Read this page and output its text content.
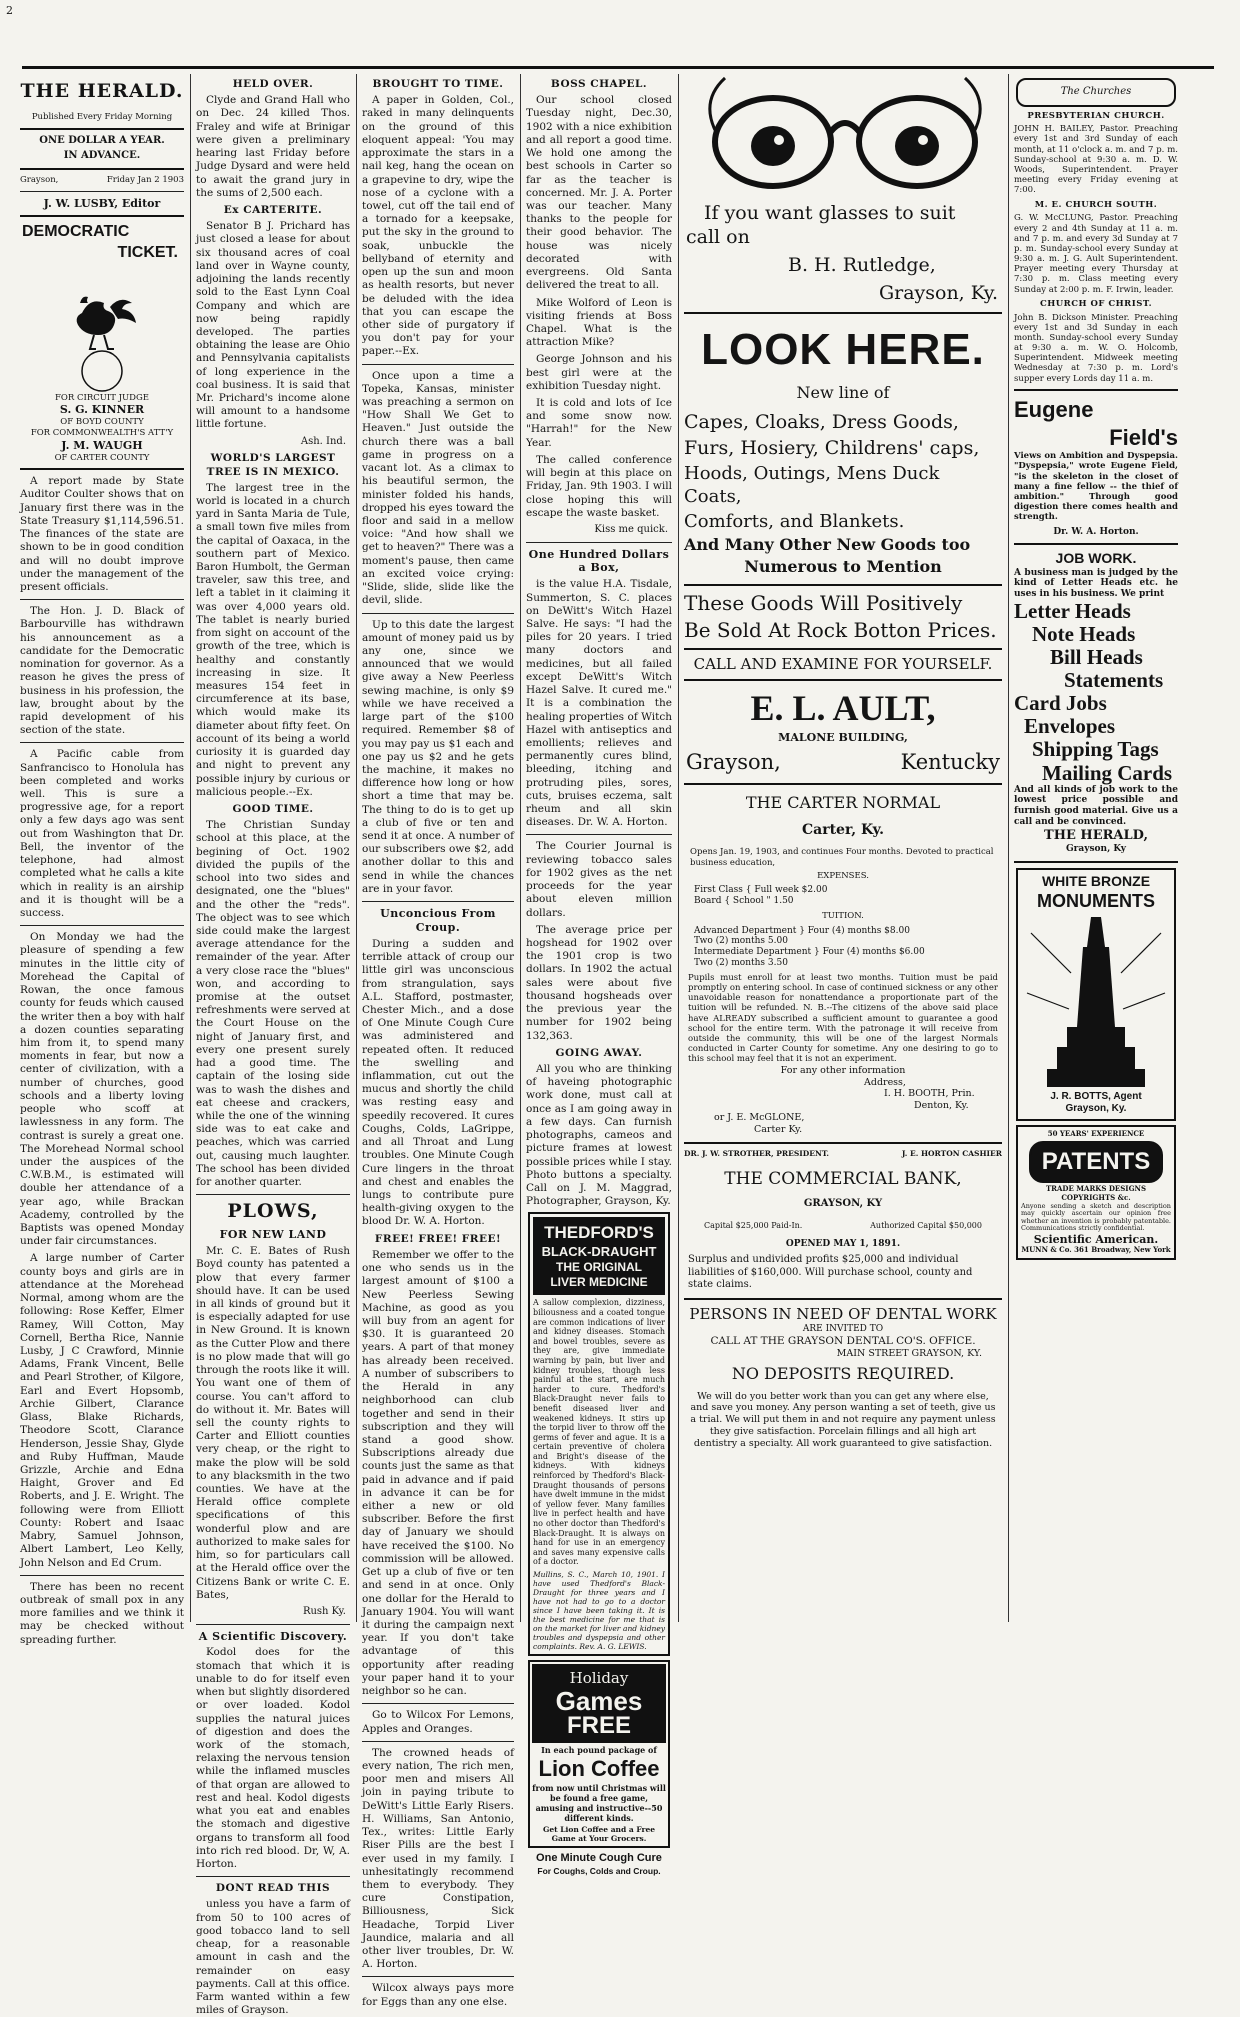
2
THE HERALD.
Published Every Friday Morning
ONE DOLLAR A YEAR.
IN ADVANCE.
Grayson,	Friday Jan 2 1903
J. W. LUSBY, Editor
DEMOCRATIC
TICKET.
FOR CIRCUIT JUDGE
S. G. KINNER
OF BOYD COUNTY
FOR COMMONWEALTH'S ATT'Y
J. M. WAUGH
OF CARTER COUNTY

A report made by State Auditor Coulter shows that on January first there was in the State Treasury $1,114,596.51. The finances of the state are shown to be in good condition and will no doubt improve under the management of the present officials.

The Hon. J. D. Black of Barbourville has withdrawn his announcement as a candidate for the Democratic nomination for governor. As a reason he gives the press of business in his profession, the law, brought about by the rapid development of his section of the state.

A Pacific cable from Sanfrancisco to Honolula has been completed and works well. This is sure a progressive age, for a report only a few days ago was sent out from Washington that Dr. Bell, the inventor of the telephone, had almost completed what he calls a kite which in reality is an airship and it is thought will be a success.

On Monday we had the pleasure of spending a few minutes in the little city of Morehead the Capital of Rowan, the once famous county for feuds which caused the writer then a boy with half a dozen counties separating him from it, to spend many moments in fear, but now a center of civilization, with a number of churches, good schools and a liberty loving people who scoff at lawlessness in any form. The contrast is surely a great one. The Morehead Normal school under the auspices of the C.W.B.M., is estimated will double her attendance of a year ago, while Brackan Academy, controlled by the Baptists was opened Monday under fair circumstances.

A large number of Carter county boys and girls are in attendance at the Morehead Normal, among whom are the following: Rose Keffer, Elmer Ramey, Will Cotton, May Cornell, Bertha Rice, Nannie Lusby, J C Crawford, Minnie Adams, Frank Vincent, Belle and Pearl Strother, of Kilgore, Earl and Evert Hopsomb, Archie Gilbert, Clarance Glass, Blake Richards, Theodore Scott, Clarance Henderson, Jessie Shay, Glyde and Ruby Huffman, Maude Grizzle, Archie and Edna Haight, Grover and Ed Roberts, and J. E. Wright. The following were from Elliott County: Robert and Isaac Mabry, Samuel Johnson, Albert Lambert, Leo Kelly, John Nelson and Ed Crum.

There has been no recent outbreak of small pox in any more families and we think it may be checked without spreading further.

HELD OVER.

Clyde and Grand Hall who on Dec. 24 killed Thos. Fraley and wife at Brinigar were given a preliminary hearing last Friday before Judge Dysard and were held to await the grand jury in the sums of 2,500 each.

Ex CARTERITE.

Senator B J. Prichard has just closed a lease for about six thousand acres of coal land over in Wayne county, adjoining the lands recently sold to the East Lynn Coal Company and which are now being rapidly developed. The parties obtaining the lease are Ohio and Pennsylvania capitalists of long experience in the coal business. It is said that Mr. Prichard's income alone will amount to a handsome little fortune.

Ash. Ind.
WORLD'S LARGEST TREE IS IN MEXICO.

The largest tree in the world is located in a church yard in Santa Maria de Tule, a small town five miles from the capital of Oaxaca, in the southern part of Mexico. Baron Humbolt, the German traveler, saw this tree, and left a tablet in it claiming it was over 4,000 years old. The tablet is nearly buried from sight on account of the growth of the tree, which is healthy and constantly increasing in size. It measures 154 feet in circumference at its base, which would make its diameter about fifty feet. On account of its being a world curiosity it is guarded day and night to prevent any possible injury by curious or malicious people.--Ex.

GOOD TIME.

The Christian Sunday school at this place, at the begining of Oct. 1902 divided the pupils of the school into two sides and designated, one the "blues" and the other the "reds". The object was to see which side could make the largest average attendance for the remainder of the year. After a very close race the "blues" won, and according to promise at the outset refreshments were served at the Court House on the night of January first, and every one present surely had a good time. The captain of the losing side was to wash the dishes and eat cheese and crackers, while the one of the winning side was to eat cake and peaches, which was carried out, causing much laughter. The school has been divided for another quarter.

PLOWS,
FOR NEW LAND

Mr. C. E. Bates of Rush Boyd county has patented a plow that every farmer should have. It can be used in all kinds of ground but it is especially adapted for use in New Ground. It is known as the Cutter Plow and there is no plow made that will go through the roots like it will. You want one of them of course. You can't afford to do without it. Mr. Bates will sell the county rights to Carter and Elliott counties very cheap, or the right to make the plow will be sold to any blacksmith in the two counties. We have at the Herald office complete specifications of this wonderful plow and are authorized to make sales for him, so for particulars call at the Herald office over the Citizens Bank or write C. E. Bates,

Rush Ky.
A Scientific Discovery.

Kodol does for the stomach that which it is unable to do for itself even when but slightly disordered or over loaded. Kodol supplies the natural juices of digestion and does the work of the stomach, relaxing the nervous tension while the inflamed muscles of that organ are allowed to rest and heal. Kodol digests what you eat and enables the stomach and digestive organs to transform all food into rich red blood. Dr, W, A. Horton.

DONT READ THIS

unless you have a farm of from 50 to 100 acres of good tobacco land to sell cheap, for a reasonable amount in cash and the remainder on easy payments. Call at this office. Farm wanted within a few miles of Grayson.

BROUGHT TO TIME.

A paper in Golden, Col., raked in many delinquents on the ground of this eloquent appeal: 'You may approximate the stars in a nail keg, hang the ocean on a grapevine to dry, wipe the nose of a cyclone with a towel, cut off the tail end of a tornado for a keepsake, put the sky in the ground to soak, unbuckle the bellyband of eternity and open up the sun and moon as health resorts, but never be deluded with the idea that you can escape the other side of purgatory if you don't pay for your paper.--Ex.

Once upon a time a Topeka, Kansas, minister was preaching a sermon on "How Shall We Get to Heaven." Just outside the church there was a ball game in progress on a vacant lot. As a climax to his beautiful sermon, the minister folded his hands, dropped his eyes toward the floor and said in a mellow voice: "And how shall we get to heaven?" There was a moment's pause, then came an excited voice crying: "Slide, slide, slide like the devil, slide.

Up to this date the largest amount of money paid us by any one, since we announced that we would give away a New Peerless sewing machine, is only $9 while we have received a large part of the $100 required. Remember $8 of you may pay us $1 each and one pay us $2 and he gets the machine, it makes no difference how long or how short a time that may be. The thing to do is to get up a club of five or ten and send it at once. A number of our subscribers owe $2, add another dollar to this and send in while the chances are in your favor.

Unconcious From Croup.

During a sudden and terrible attack of croup our little girl was unconscious from strangulation, says A.L. Stafford, postmaster, Chester Mich., and a dose of One Minute Cough Cure was administered and repeated often. It reduced the swelling and inflammation, cut out the mucus and shortly the child was resting easy and speedily recovered. It cures Coughs, Colds, LaGrippe, and all Throat and Lung troubles. One Minute Cough Cure lingers in the throat and chest and enables the lungs to contribute pure health-giving oxygen to the blood Dr. W. A. Horton.

FREE! FREE! FREE!

Remember we offer to the one who sends us in the largest amount of $100 a New Peerless Sewing Machine, as good as you will buy from an agent for $30. It is guaranteed 20 years. A part of that money has already been received. A number of subscribers to the Herald in any neighborhood can club together and send in their subscription and they will stand a good show. Subscriptions already due counts just the same as that paid in advance and if paid in advance it can be for either a new or old subscriber. Before the first day of January we should have received the $100. No commission will be allowed. Get up a club of five or ten and send in at once. Only one dollar for the Herald to January 1904. You will want it during the campaign next year. If you don't take advantage of this opportunity after reading your paper hand it to your neighbor so he can.

Go to Wilcox For Lemons, Apples and Oranges.

The crowned heads of every nation, The rich men, poor men and misers All join in paying tribute to DeWitt's Little Early Risers. H. Williams, San Antonio, Tex., writes: Little Early Riser Pills are the best I ever used in my family. I unhesitatingly recommend them to everybody. They cure Constipation, Billiousness, Sick Headache, Torpid Liver Jaundice, malaria and all other liver troubles, Dr. W. A. Horton.

Wilcox always pays more for Eggs than any one else.

BOSS CHAPEL.

Our school closed Tuesday night, Dec.30, 1902 with a nice exhibition and all report a good time. We hold one among the best schools in Carter so far as the teacher is concerned. Mr. J. A. Porter was our teacher. Many thanks to the people for their good behavior. The house was nicely decorated with evergreens. Old Santa delivered the treat to all.

Mike Wolford of Leon is visiting friends at Boss Chapel. What is the attraction Mike?

George Johnson and his best girl were at the exhibition Tuesday night.

It is cold and lots of Ice and some snow now. "Harrah!" for the New Year.

The called conference will begin at this place on Friday, Jan. 9th 1903. I will close hoping this will escape the waste basket.

Kiss me quick.
One Hundred Dollars a Box,

is the value H.A. Tisdale, Summerton, S. C. places on DeWitt's Witch Hazel Salve. He says: "I had the piles for 20 years. I tried many doctors and medicines, but all failed except DeWitt's Witch Hazel Salve. It cured me." It is a combination the healing properties of Witch Hazel with antiseptics and emollients; relieves and permanently cures blind, bleeding, itching and protruding piles, sores, cuts, bruises eczema, salt rheum and all skin diseases. Dr. W. A. Horton.

The Courier Journal is reviewing tobacco sales for 1902 gives as the net proceeds for the year about eleven million dollars.

The average price per hogshead for 1902 over the 1901 crop is two dollars. In 1902 the actual sales were about five thousand hogsheads over the previous year the number for 1902 being 132,363.

GOING AWAY.

All you who are thinking of haveing photographic work done, must call at once as I am going away in a few days. Can furnish photographs, cameos and picture frames at lowest possible prices while I stay. Photo buttons a specialty. Call on J. M. Maggrad, Photographer, Grayson, Ky.

THEDFORD'S
BLACK-DRAUGHT
THE ORIGINAL LIVER MEDICINE
A sallow complexion, dizziness, biliousness and a coated tongue are common indications of liver and kidney diseases. Stomach and bowel troubles, severe as they are, give immediate warning by pain, but liver and kidney troubles, though less painful at the start, are much harder to cure. Thedford's Black-Draught never fails to benefit diseased liver and weakened kidneys. It stirs up the torpid liver to throw off the germs of fever and ague. It is a certain preventive of cholera and Bright's disease of the kidneys. With kidneys reinforced by Thedford's Black-Draught thousands of persons have dwelt immune in the midst of yellow fever. Many families live in perfect health and have no other doctor than Thedford's Black-Draught. It is always on hand for use in an emergency and saves many expensive calls of a doctor.
Mullins, S. C., March 10, 1901. I have used Thedford's Black-Draught for three years and I have not had to go to a doctor since I have been taking it. It is the best medicine for me that is on the market for liver and kidney troubles and dyspepsia and other complaints. Rev. A. G. LEWIS.
Holiday
Games
FREE
In each pound package of
Lion Coffee
from now until Christmas will be found a free game, amusing and instructive--50 different kinds.
Get Lion Coffee and a Free Game at Your Grocers.
One Minute Cough Cure
For Coughs, Colds and Croup.
If you want glasses to suit
call on
B. H. Rutledge,
Grayson, Ky.
LOOK HERE.
New line of
Capes, Cloaks, Dress Goods,
Furs, Hosiery, Childrens' caps,
Hoods, Outings, Mens Duck Coats,
Comforts, and Blankets.
And Many Other New Goods too
Numerous to Mention
These Goods Will Positively
Be Sold At Rock Botton Prices.
CALL AND EXAMINE FOR YOURSELF.
E. L. AULT,
MALONE BUILDING,
Grayson,	Kentucky
THE CARTER NORMAL
Carter, Ky.
Opens Jan. 19, 1903, and continues Four months. Devoted to practical business education,
EXPENSES.
First Class { Full week $2.00
Board { School " 1.50
TUITION.
Advanced Department } Four (4) months $8.00
Two (2) months 5.00
Intermediate Department } Four (4) months $6.00
Two (2) months 3.50
Pupils must enroll for at least two months. Tuition must be paid promptly on entering school. In case of continued sickness or any other unavoidable reason for nonattendance a proportionate part of the tuition will be refunded. N. B.--The citizens of the above said place have ALREADY subscribed a sufficient amount to guarantee a good school for the entire term. With the patronage it will receive from outside the community, this will be one of the largest Normals conducted in Carter County for sometime. Any one desiring to go to this school may feel that it is not an experiment.
For any other information
Address,
I. H. BOOTH, Prin.
Denton, Ky.
or J. E. McGLONE,
Carter Ky.
DR. J. W. STROTHER, PRESIDENT.	J. E. HORTON CASHIER
THE COMMERCIAL BANK,
GRAYSON, KY
Capital $25,000 Paid-In.	Authorized Capital $50,000
OPENED MAY 1, 1891.
Surplus and undivided profits $25,000 and individual liabilities of $160,000. Will purchase school, county and state claims.
PERSONS IN NEED OF DENTAL WORK
ARE INVITED TO
CALL AT THE GRAYSON DENTAL CO'S. OFFICE.
MAIN STREET GRAYSON, KY.
NO DEPOSITS REQUIRED.
We will do you better work than you can get any where else, and save you money. Any person wanting a set of teeth, give us a trial. We will put them in and not require any payment unless they give satisfaction. Porcelain fillings and all high art dentistry a specialty. All work guaranteed to give satisfaction.
The Churches
PRESBYTERIAN CHURCH.
JOHN H. BAILEY, Pastor. Preaching every 1st and 3rd Sunday of each month, at 11 o'clock a. m. and 7 p. m. Sunday-school at 9:30 a. m. D. W. Woods, Superintendent. Prayer meeting every Friday evening at 7:00.
M. E. CHURCH SOUTH.
G. W. McCLUNG, Pastor. Preaching every 2 and 4th Sunday at 11 a. m. and 7 p. m. and every 3d Sunday at 7 p. m. Sunday-school every Sunday at 9:30 a. m. J. G. Ault Superintendent. Prayer meeting every Thursday at 7:30 p. m. Class meeting every Sunday at 2:00 p. m. F. Irwin, leader.
CHURCH OF CHRIST.
John B. Dickson Minister. Preaching every 1st and 3d Sunday in each month. Sunday-school every Sunday at 9:30 a. m. W. O. Holcomb, Superintendent. Midweek meeting Wednesday at 7:30 p. m. Lord's supper every Lords day 11 a. m.
Eugene
Field's
Views on Ambition and Dyspepsia. "Dyspepsia," wrote Eugene Field, "is the skeleton in the closet of many a fine fellow -- the thief of ambition." Through good digestion there comes health and strength.
Dr. W. A. Horton.
JOB WORK.
A business man is judged by the kind of Letter Heads etc. he uses in his business. We print
Letter Heads
Note Heads
Bill Heads
Statements
Card Jobs
Envelopes
Shipping Tags
Mailing Cards
And all kinds of job work to the lowest price possible and furnish good material. Give us a call and be convinced.
THE HERALD,
Grayson, Ky
WHITE BRONZE
MONUMENTS
J. R. BOTTS, Agent
Grayson, Ky.
50 YEARS' EXPERIENCE
PATENTS
TRADE MARKS DESIGNS COPYRIGHTS &c.
Anyone sending a sketch and description may quickly ascertain our opinion free whether an invention is probably patentable. Communications strictly confidential.
Scientific American.
MUNN & Co. 361 Broadway, New York
